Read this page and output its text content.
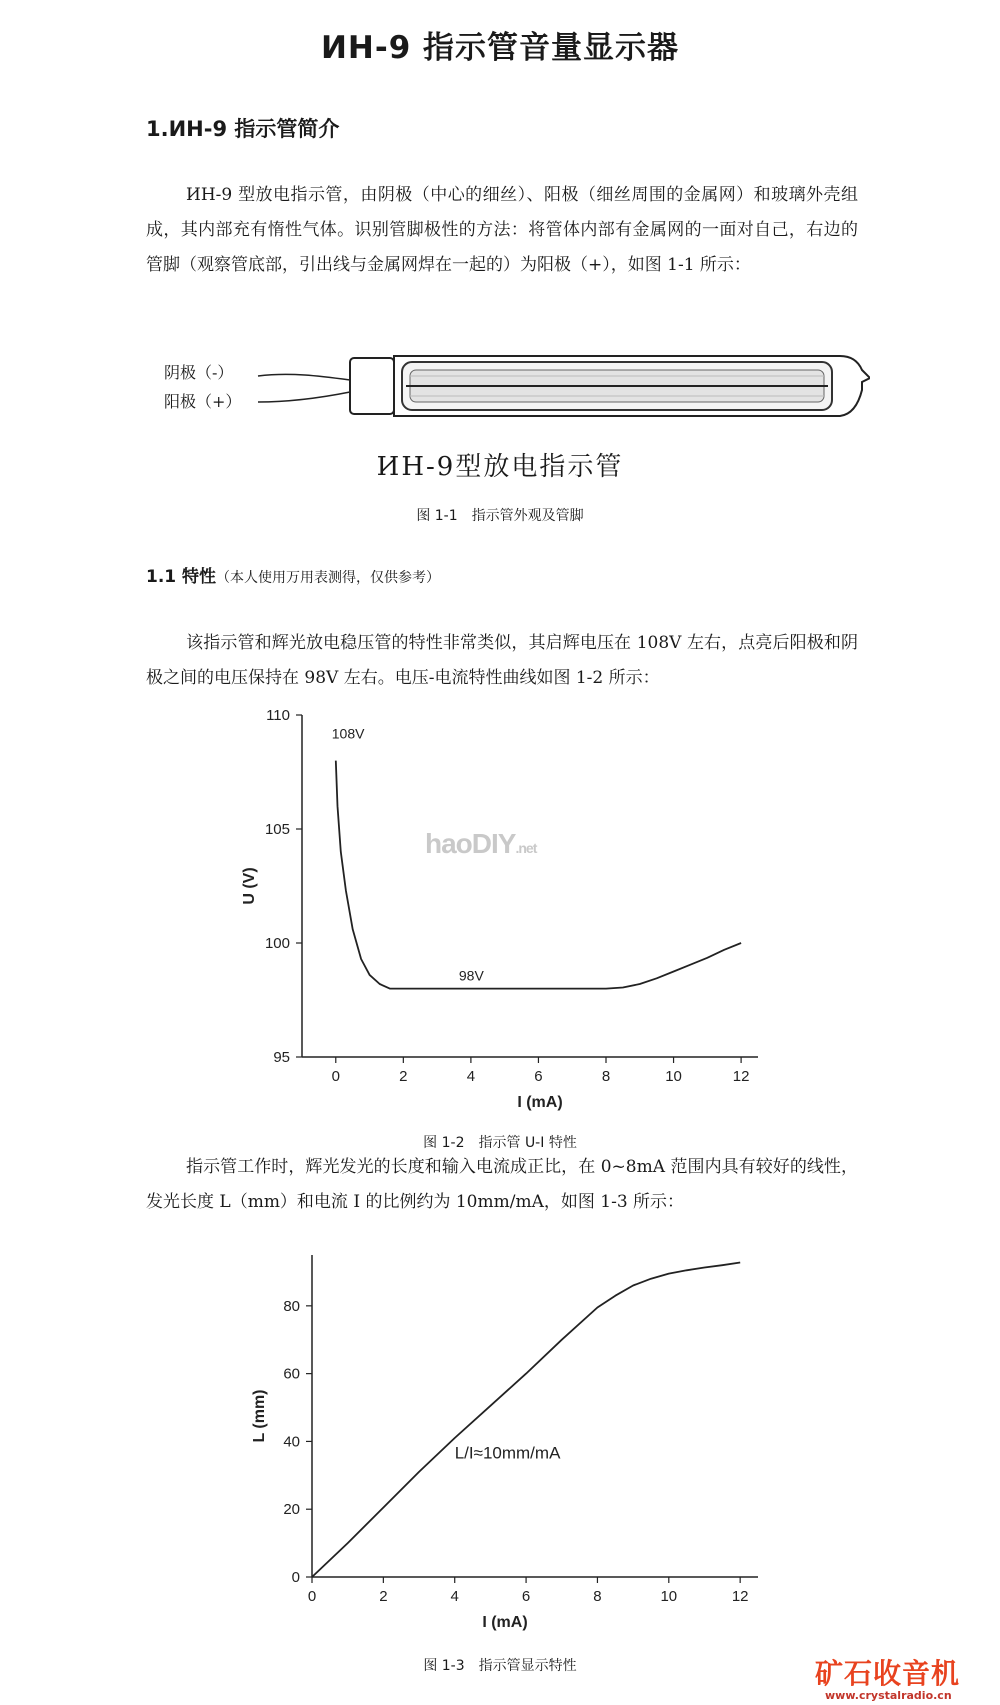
ИН-9 指示管音量显示器
1.ИН-9 指示管简介
ИН-9 型放电指示管，由阴极（中心的细丝）、阳极（细丝周围的金属网）和玻璃外壳组成，其内部充有惰性气体。识别管脚极性的方法：将管体内部有金属网的一面对自己，右边的管脚（观察管底部，引出线与金属网焊在一起的）为阳极（+），如图 1-1 所示：
阴极（-）
阳极（+）
ИН-9型放电指示管
图 1-1　指示管外观及管脚
1.1 特性（本人使用万用表测得，仅供参考）
该指示管和辉光放电稳压管的特性非常类似，其启辉电压在 108V 左右，点亮后阳极和阴极之间的电压保持在 98V 左右。电压-电流特性曲线如图 1-2 所示：
0	2	4	6	8	10	12
95
100
105
110
I (mA)
U (V)
108V
98V
haoDIY.net
图 1-2　指示管 U-I 特性
指示管工作时，辉光发光的长度和输入电流成正比，在 0~8mA 范围内具有较好的线性，发光长度 L（mm）和电流 I 的比例约为 10mm/mA，如图 1-3 所示：
0	2	4	6	8	10	12
0
20
40
60
80
I (mA)
L (mm)
L/I≈10mm/mA
图 1-3　指示管显示特性	矿石收音机
www.crystalradio.cn
